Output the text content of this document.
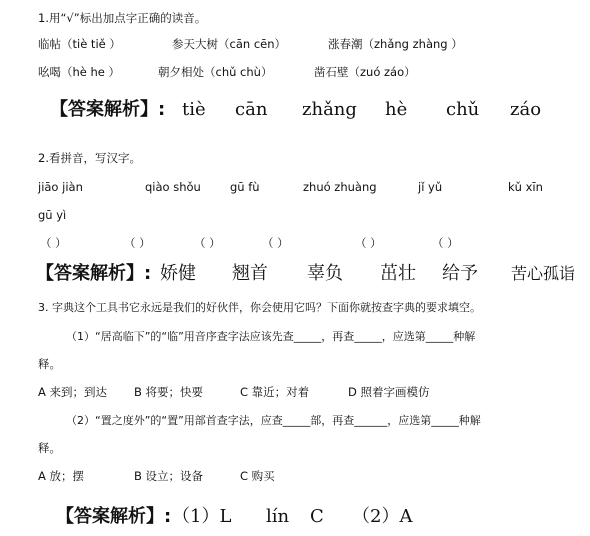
1.用“√”标出加点字正确的读音。
临帖（tiè tiě ）	参天大树（cān cēn）	涨春潮（zhǎng zhàng ）
吆喝（hè he ）	朝夕相处（chǔ chù）	凿石壁（zuó záo）
【答案解析】: tiè cān zhǎng hè chǔ záo
2.看拼音，写汉字。
jiāo jiàn	qiào shǒu	gū fù	zhuó zhuàng	jǐ yǔ	kǔ xīn
gū yì
（ ）	（ ）	（ ）	（ ）	（ ）	（ ）
【答案解析】: 娇健 翘首 辜负 茁壮 给予 苦心孤诣
3. 字典这个工具书它永远是我们的好伙伴，你会使用它吗？下面你就按查字典的要求填空。
（1）“居高临下”的“临”用音序查字法应该先查_____，再查_____，应选第_____种解
释。
A 来到；到达 B 将要；快要	C 靠近；对着	D 照着字画模仿
（2）“置之度外”的“置”用部首查字法，应查_____部，再查______，应选第_____种解
释。
A 放；摆	B 设立；设备	C 购买
【答案解析】: （1）L lín C （2）A
